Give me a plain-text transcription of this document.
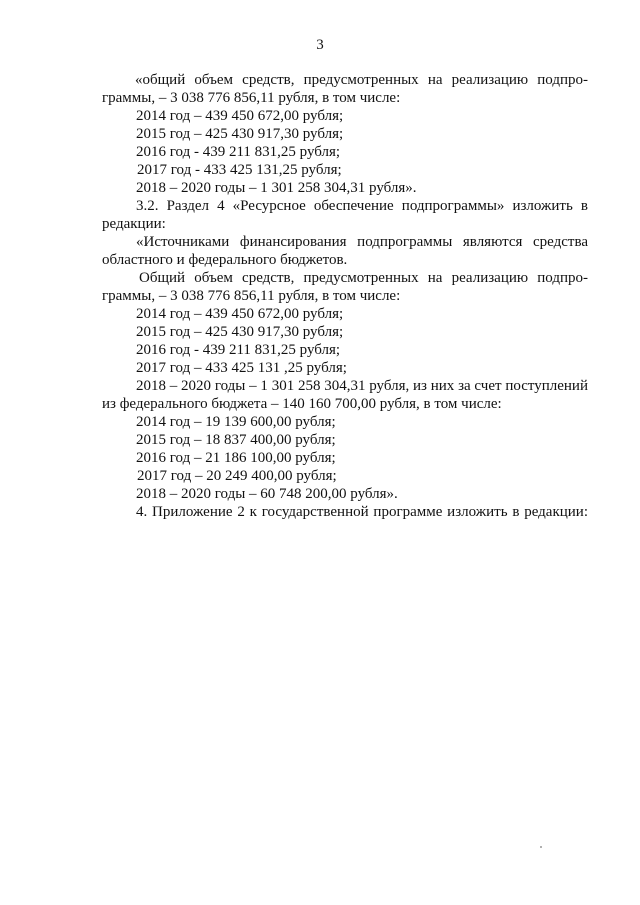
3
«общий объем средств, предусмотренных на реализацию подпро-
граммы, – 3 038 776 856,11 рубля, в том числе:
2014 год – 439 450 672,00 рубля;
2015 год – 425 430 917,30 рубля;
2016 год - 439 211 831,25 рубля;
2017 год - 433 425 131,25 рубля;
2018 – 2020 годы – 1 301 258 304,31 рубля».
3.2. Раздел 4 «Ресурсное обеспечение подпрограммы» изложить в
редакции:
«Источниками финансирования подпрограммы являются средства
областного и федерального бюджетов.
Общий объем средств, предусмотренных на реализацию подпро-
граммы, – 3 038 776 856,11 рубля, в том числе:
2014 год – 439 450 672,00 рубля;
2015 год – 425 430 917,30 рубля;
2016 год - 439 211 831,25 рубля;
2017 год – 433 425 131 ,25 рубля;
2018 – 2020 годы – 1 301 258 304,31 рубля, из них за счет поступлений
из федерального бюджета – 140 160 700,00 рубля, в том числе:
2014 год – 19 139 600,00 рубля;
2015 год – 18 837 400,00 рубля;
2016 год – 21 186 100,00 рубля;
2017 год – 20 249 400,00 рубля;
2018 – 2020 годы – 60 748 200,00 рубля».
4. Приложение 2 к государственной программе изложить в редакции:
